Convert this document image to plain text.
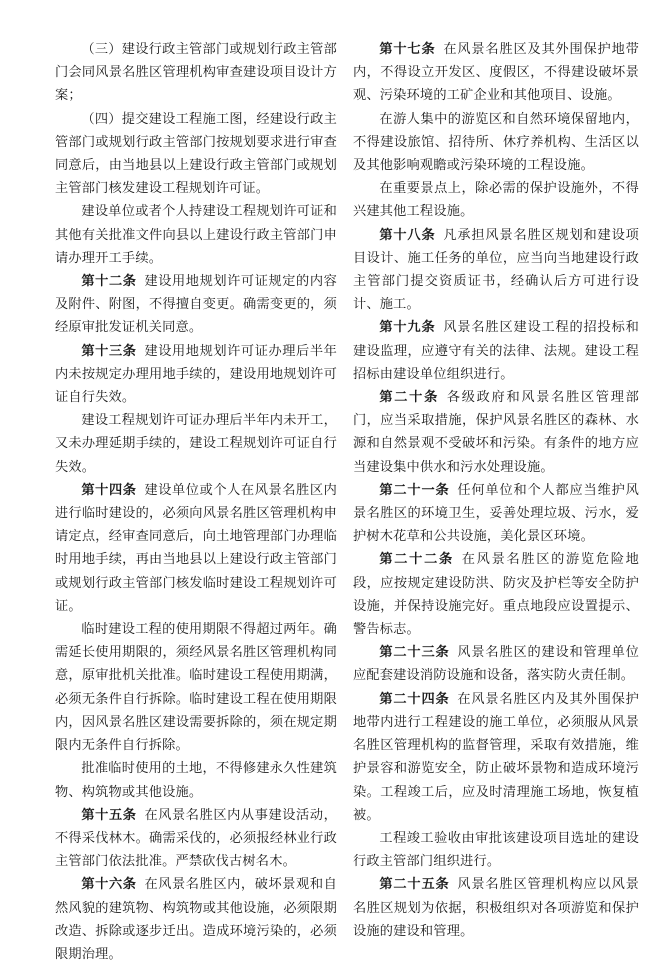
（三）建设行政主管部门或规划行政主管部门会同风景名胜区管理机构审查建设项目设计方案；

（四）提交建设工程施工图，经建设行政主管部门或规划行政主管部门按规划要求进行审查同意后，由当地县以上建设行政主管部门或规划主管部门核发建设工程规划许可证。

建设单位或者个人持建设工程规划许可证和其他有关批准文件向县以上建设行政主管部门申请办理开工手续。

第十二条 建设用地规划许可证规定的内容及附件、附图，不得擅自变更。确需变更的，须经原审批发证机关同意。

第十三条 建设用地规划许可证办理后半年内未按规定办理用地手续的，建设用地规划许可证自行失效。

建设工程规划许可证办理后半年内未开工，又未办理延期手续的，建设工程规划许可证自行失效。

第十四条 建设单位或个人在风景名胜区内进行临时建设的，必须向风景名胜区管理机构申请定点，经审查同意后，向土地管理部门办理临时用地手续，再由当地县以上建设行政主管部门或规划行政主管部门核发临时建设工程规划许可证。

临时建设工程的使用期限不得超过两年。确需延长使用期限的，须经风景名胜区管理机构同意，原审批机关批准。临时建设工程使用期满，必须无条件自行拆除。临时建设工程在使用期限内，因风景名胜区建设需要拆除的，须在规定期限内无条件自行拆除。

批准临时使用的土地，不得修建永久性建筑物、构筑物或其他设施。

第十五条 在风景名胜区内从事建设活动，不得采伐林木。确需采伐的，必须报经林业行政主管部门依法批准。严禁砍伐古树名木。

第十六条 在风景名胜区内，破坏景观和自然风貌的建筑物、构筑物或其他设施，必须限期改造、拆除或逐步迁出。造成环境污染的，必须限期治理。

第十七条 在风景名胜区及其外围保护地带内，不得设立开发区、度假区，不得建设破坏景观、污染环境的工矿企业和其他项目、设施。

在游人集中的游览区和自然环境保留地内，不得建设旅馆、招待所、休疗养机构、生活区以及其他影响观瞻或污染环境的工程设施。

在重要景点上，除必需的保护设施外，不得兴建其他工程设施。

第十八条 凡承担风景名胜区规划和建设项目设计、施工任务的单位，应当向当地建设行政主管部门提交资质证书，经确认后方可进行设计、施工。

第十九条 风景名胜区建设工程的招投标和建设监理，应遵守有关的法律、法规。建设工程招标由建设单位组织进行。

第二十条 各级政府和风景名胜区管理部门，应当采取措施，保护风景名胜区的森林、水源和自然景观不受破坏和污染。有条件的地方应当建设集中供水和污水处理设施。

第二十一条 任何单位和个人都应当维护风景名胜区的环境卫生，妥善处理垃圾、污水，爱护树木花草和公共设施，美化景区环境。

第二十二条 在风景名胜区的游览危险地段，应按规定建设防洪、防灾及护栏等安全防护设施，并保持设施完好。重点地段应设置提示、警告标志。

第二十三条 风景名胜区的建设和管理单位应配套建设消防设施和设备，落实防火责任制。

第二十四条 在风景名胜区内及其外围保护地带内进行工程建设的施工单位，必须服从风景名胜区管理机构的监督管理，采取有效措施，维护景容和游览安全，防止破坏景物和造成环境污染。工程竣工后，应及时清理施工场地，恢复植被。

工程竣工验收由审批该建设项目选址的建设行政主管部门组织进行。

第二十五条 风景名胜区管理机构应以风景名胜区规划为依据，积极组织对各项游览和保护设施的建设和管理。
